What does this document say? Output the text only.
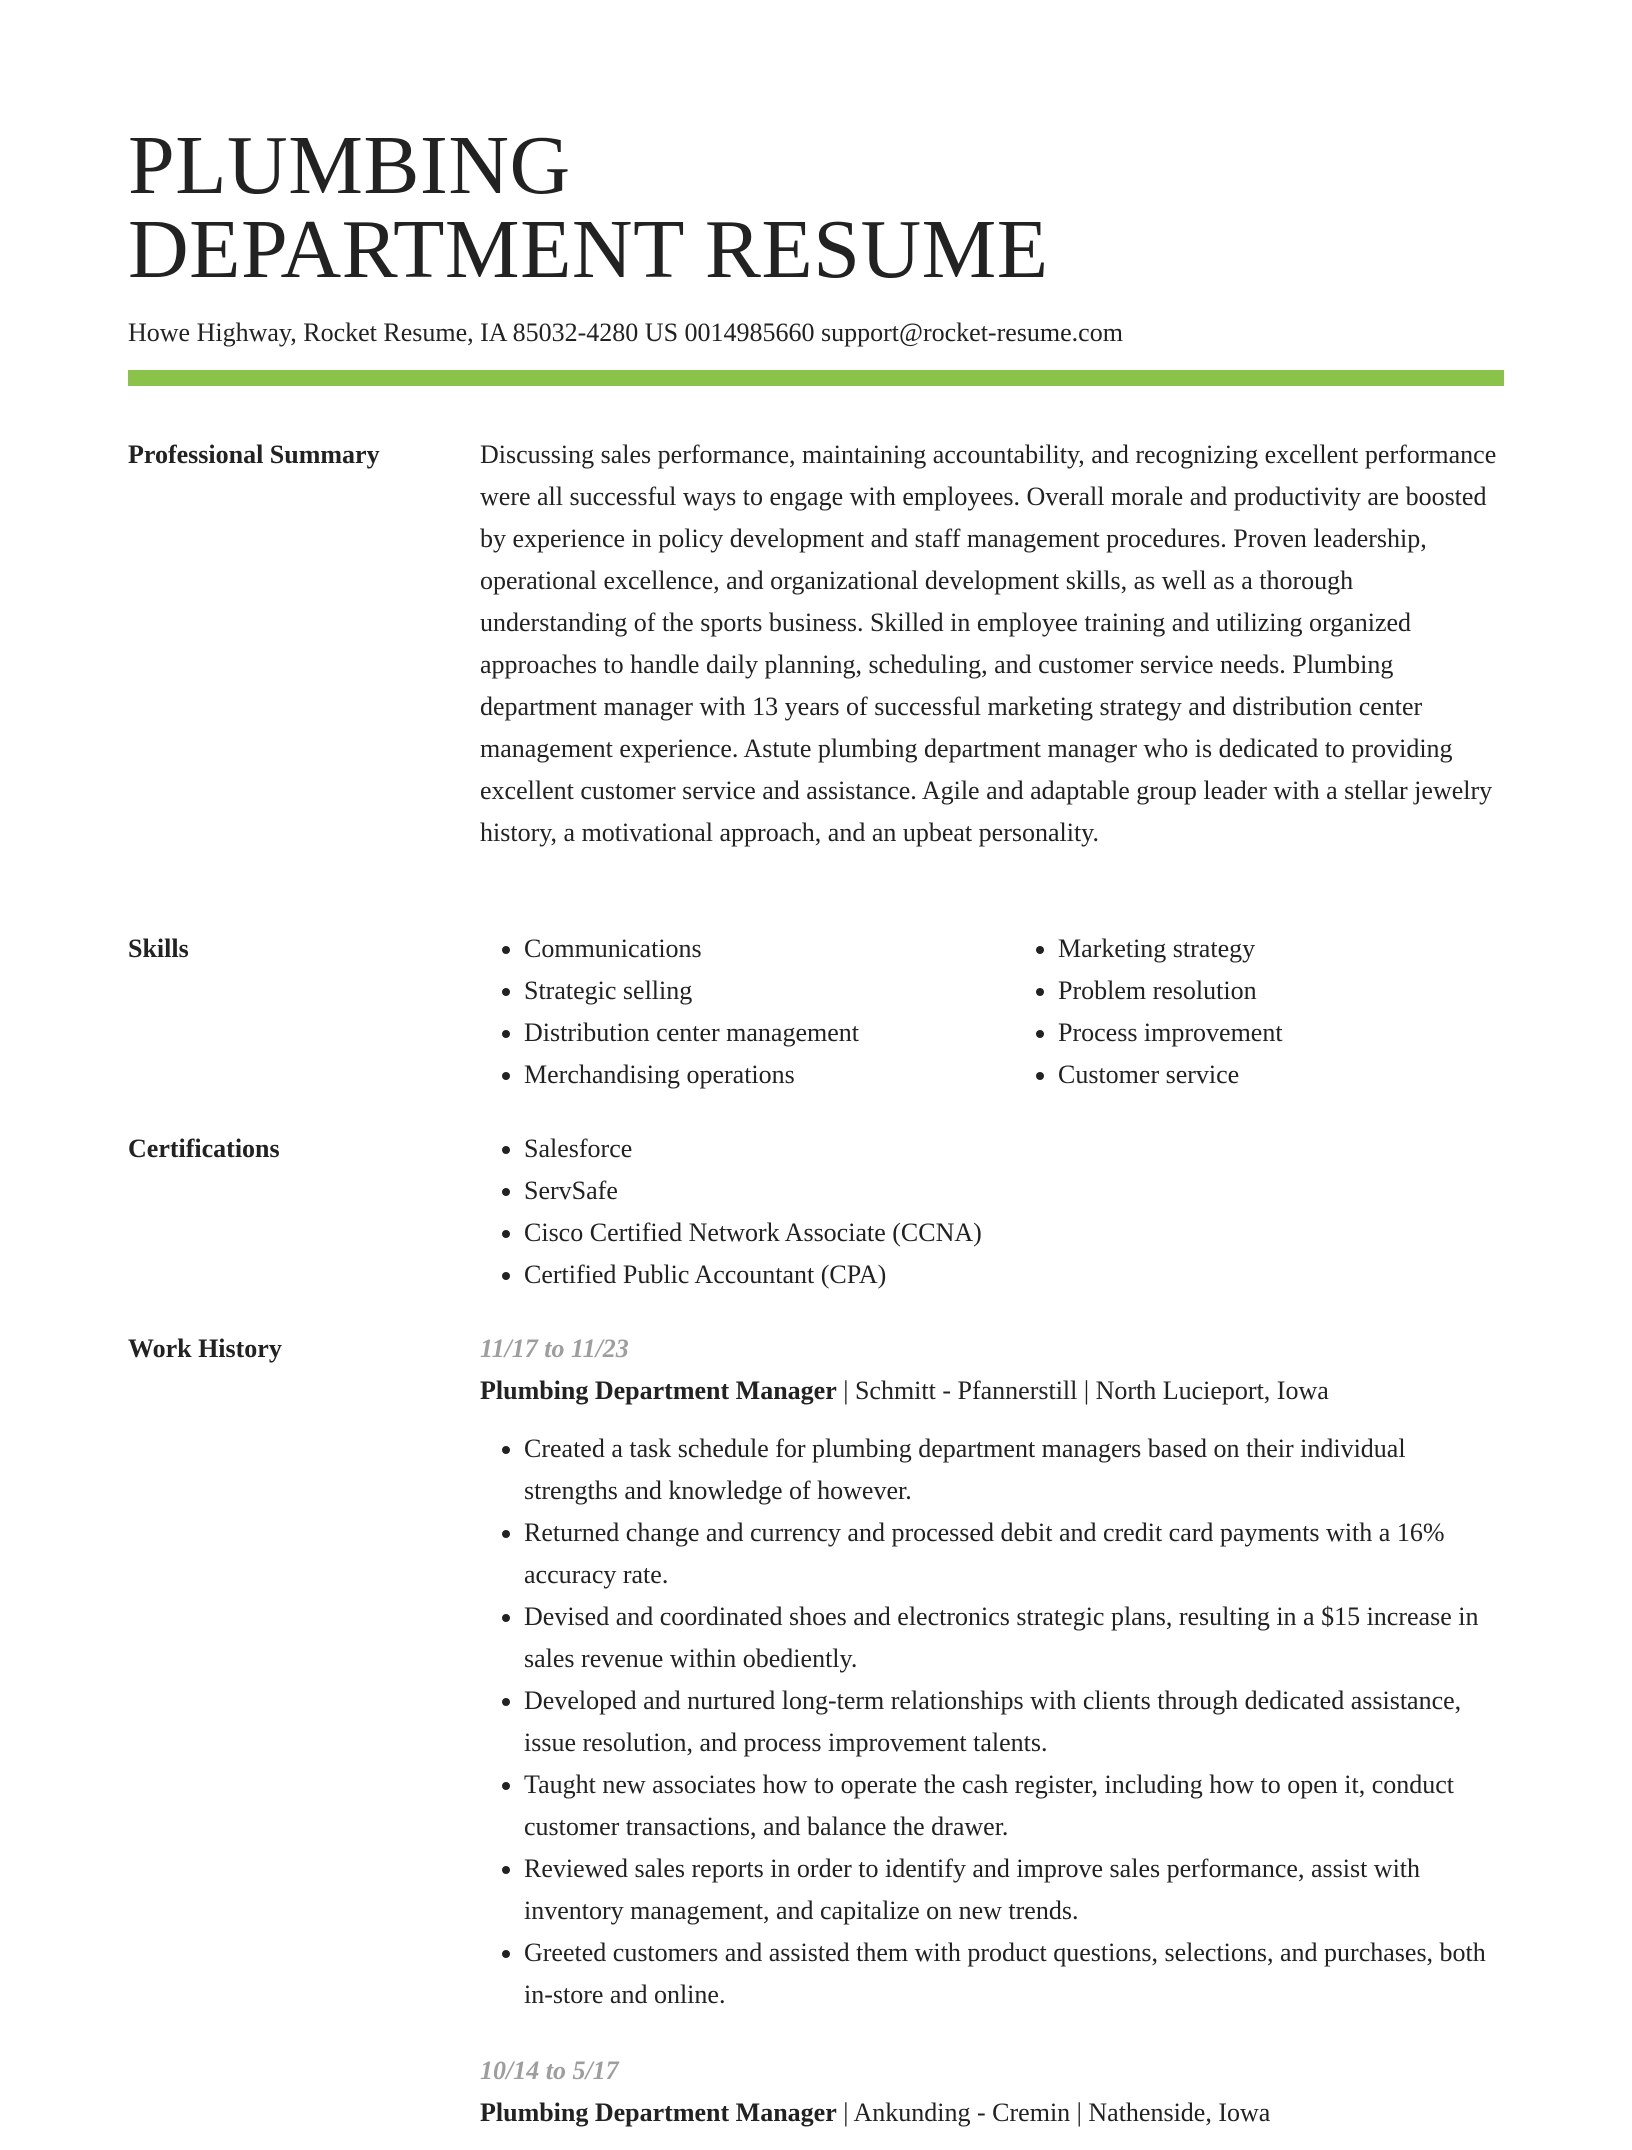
PLUMBING
DEPARTMENT RESUME
Howe Highway, Rocket Resume, IA 85032-4280 US 0014985660 support@rocket-resume.com
Professional Summary	Discussing sales performance, maintaining accountability, and recognizing excellent performance were all successful ways to engage with employees. Overall morale and productivity are boosted by experience in policy development and staff management procedures. Proven leadership, operational excellence, and organizational development skills, as well as a thorough understanding of the sports business. Skilled in employee training and utilizing organized approaches to handle daily planning, scheduling, and customer service needs. Plumbing department manager with 13 years of successful marketing strategy and distribution center management experience. Astute plumbing department manager who is dedicated to providing excellent customer service and assistance. Agile and adaptable group leader with a stellar jewelry history, a motivational approach, and an upbeat personality.

Skills	• Communications
• Strategic selling
• Distribution center management
• Merchandising operations
• Marketing strategy
• Problem resolution
• Process improvement
• Customer service
Certifications	• Salesforce
• ServSafe
• Cisco Certified Network Associate (CCNA)
• Certified Public Accountant (CPA)
Work History	11/17 to 11/23
Plumbing Department Manager | Schmitt - Pfannerstill | North Lucieport, Iowa
• Created a task schedule for plumbing department managers based on their individual strengths and knowledge of however.
• Returned change and currency and processed debit and credit card payments with a 16% accuracy rate.
• Devised and coordinated shoes and electronics strategic plans, resulting in a $15 increase in sales revenue within obediently.
• Developed and nurtured long-term relationships with clients through dedicated assistance, issue resolution, and process improvement talents.
• Taught new associates how to operate the cash register, including how to open it, conduct customer transactions, and balance the drawer.
• Reviewed sales reports in order to identify and improve sales performance, assist with inventory management, and capitalize on new trends.
• Greeted customers and assisted them with product questions, selections, and purchases, both in-store and online.
10/14 to 5/17
Plumbing Department Manager | Ankunding - Cremin | Nathenside, Iowa
